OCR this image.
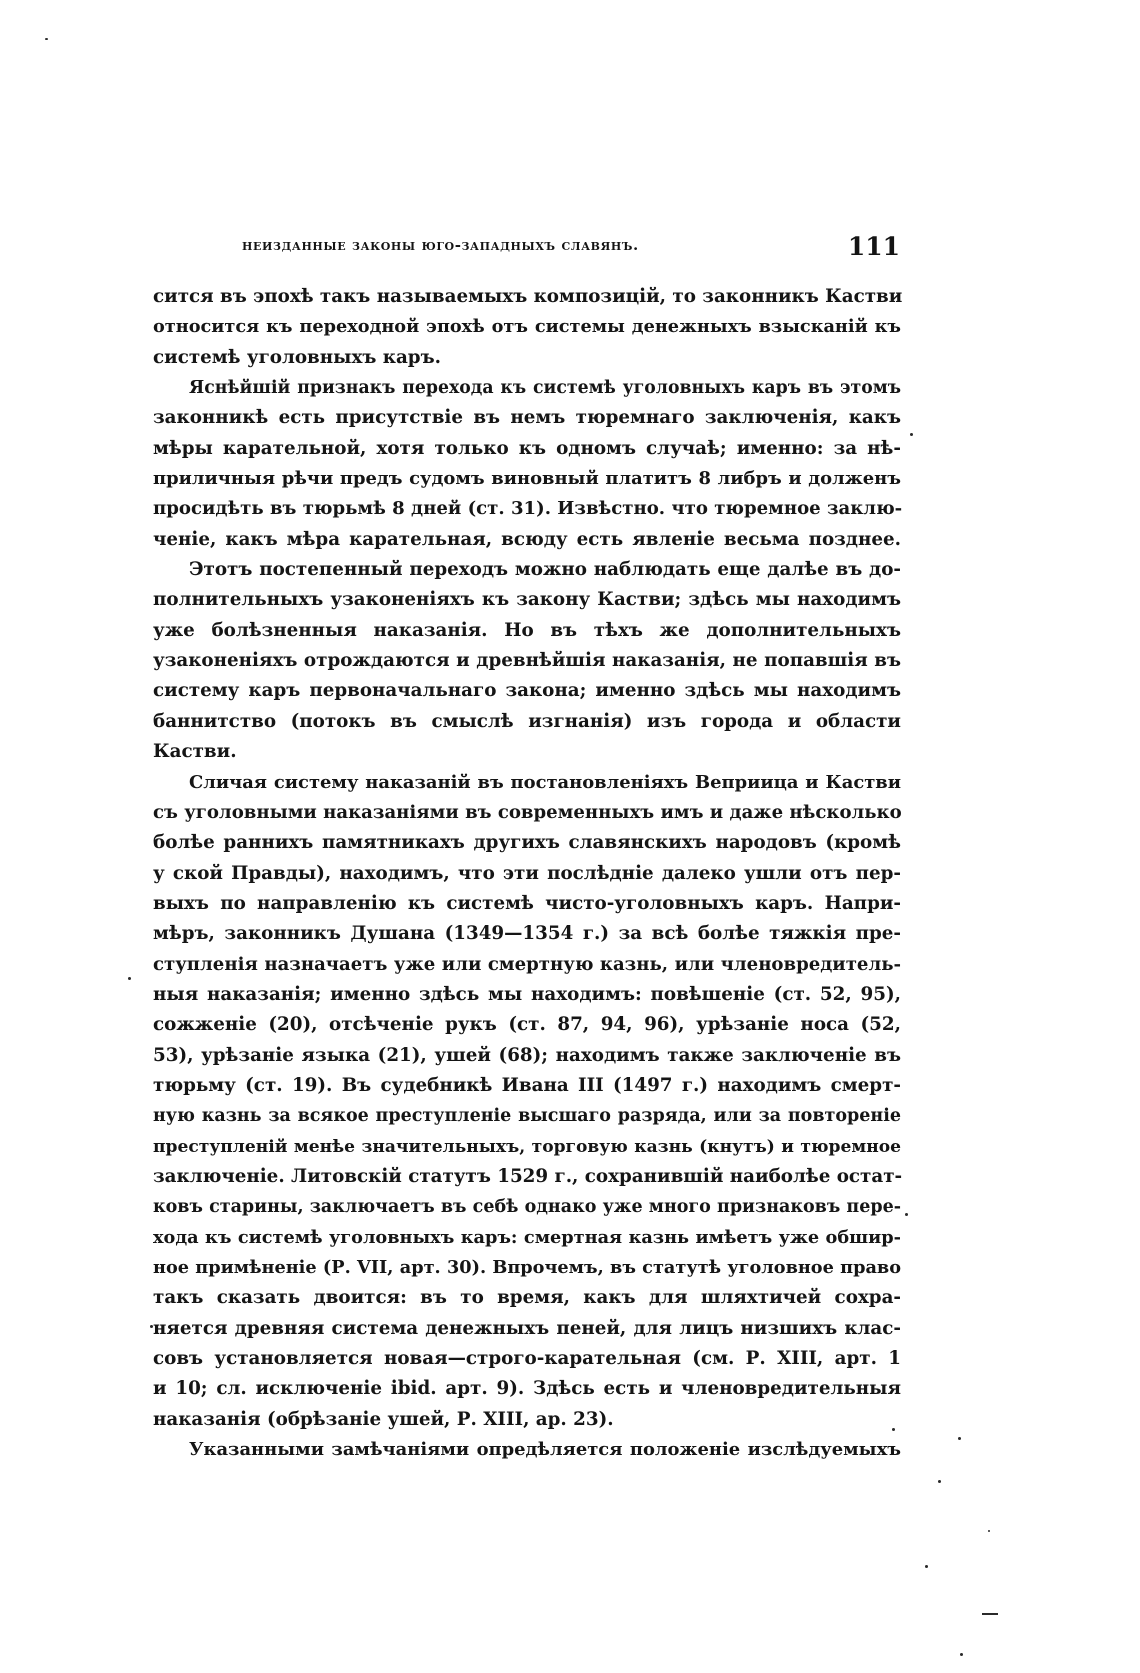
неизданные законы юго-западныхъ славянъ.	111
сится въ эпохѣ такъ называемыхъ композицій, то законникъ Кастви
относится къ переходной эпохѣ отъ системы денежныхъ взысканій къ
системѣ уголовныхъ каръ.
Яснѣйшій признакъ перехода къ системѣ уголовныхъ каръ въ этомъ
законникѣ есть присутствіе въ немъ тюремнаго заключенія, какъ
мѣры карательной, хотя только къ одномъ случаѣ; именно: за нѣ-
приличныя рѣчи предъ судомъ виновный платитъ 8 либръ и долженъ
просидѣть въ тюрьмѣ 8 дней (ст. 31). Извѣстно. что тюремное заклю-
ченіе, какъ мѣра карательная, всюду есть явленіе весьма позднее.
Этотъ постепенный переходъ можно наблюдать еще далѣе въ до-
полнительныхъ узаконеніяхъ къ закону Кастви; здѣсь мы находимъ
уже болѣзненныя наказанія. Но въ тѣхъ же дополнительныхъ
узаконеніяхъ отрождаются и древнѣйшія наказанія, не попавшія въ
систему каръ первоначальнаго закона; именно здѣсь мы находимъ
баннитство (потокъ въ смыслѣ изгнанія) изъ города и области
Кастви.
Сличая систему наказаній въ постановленіяхъ Веприица и Кастви
съ уголовными наказаніями въ современныхъ имъ и даже нѣсколько
болѣе раннихъ памятникахъ другихъ славянскихъ народовъ (кромѣ
у ской Правды), находимъ, что эти послѣдніе далеко ушли отъ пер-
выхъ по направленію къ системѣ чисто-уголовныхъ каръ. Напри-
мѣръ, законникъ Душана (1349—1354 г.) за всѣ болѣе тяжкія пре-
ступленія назначаетъ уже или смертную казнь, или членовредитель-
ныя наказанія; именно здѣсь мы находимъ: повѣшеніе (ст. 52, 95),
сожженіе (20), отсѣченіе рукъ (ст. 87, 94, 96), урѣзаніе носа (52,
53), урѣзаніе языка (21), ушей (68); находимъ также заключеніе въ
тюрьму (ст. 19). Въ судебникѣ Ивана III (1497 г.) находимъ смерт-
ную казнь за всякое преступленіе высшаго разряда, или за повтореніе
преступленій менѣе значительныхъ, торговую казнь (кнутъ) и тюремное
заключеніе. Литовскій статутъ 1529 г., сохранившій наиболѣе остат-
ковъ старины, заключаетъ въ себѣ однако уже много признаковъ пере-
хода къ системѣ уголовныхъ каръ: смертная казнь имѣетъ уже обшир-
ное примѣненіе (Р. VII, арт. 30). Впрочемъ, въ статутѣ уголовное право
такъ сказать двоится: въ то время, какъ для шляхтичей сохра-
няется древняя система денежныхъ пеней, для лицъ низшихъ клас-
совъ установляется новая—строго-карательная (см. Р. XIII, арт. 1
и 10; сл. исключеніе ibid. арт. 9). Здѣсь есть и членовредительныя
наказанія (обрѣзаніе ушей, Р. XIII, ар. 23).
Указанными замѣчаніями опредѣляется положеніе изслѣдуемыхъ
